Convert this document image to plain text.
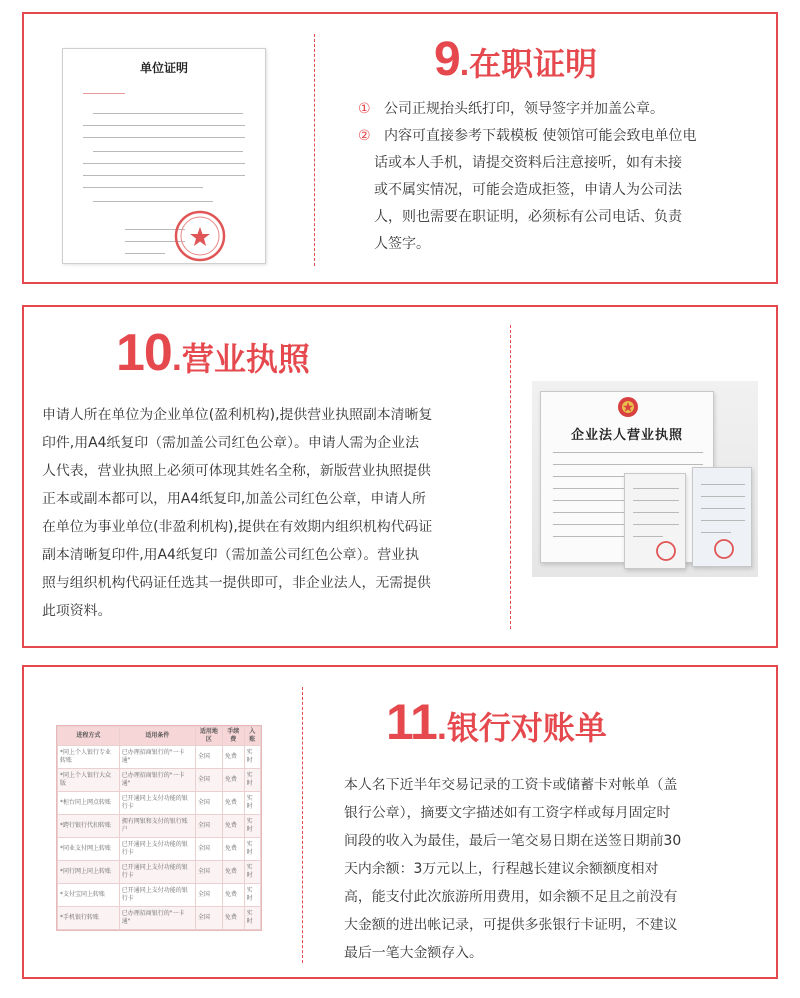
单位证明	9 . 在职证明
① 公司正规抬头纸打印，领导签字并加盖公章。
② 内容可直接参考下载模板 使领馆可能会致电单位电
话或本人手机，请提交资料后注意接听，如有未接
或不属实情况，可能会造成拒签，申请人为公司法
人，则也需要在职证明，必须标有公司电话、负责
人签字。
10 . 营业执照
申请人所在单位为企业单位(盈利机构),提供营业执照副本清晰复
印件,用A4纸复印（需加盖公司红色公章）。申请人需为企业法
人代表，营业执照上必须可体现其姓名全称，新版营业执照提供
正本或副本都可以，用A4纸复印,加盖公司红色公章，申请人所
在单位为事业单位(非盈利机构),提供在有效期内组织机构代码证
副本清晰复印件,用A4纸复印（需加盖公司红色公章）。营业执
照与组织机构代码证任选其一提供即可，非企业法人，无需提供
此项资料。
企业法人营业执照
进程方式	适用条件	适用地区	手续费	入账
*同上个人银行专业转账	已办理招商银行的"一卡通"	全国	免费	实时
*同上个人银行大众版	已办理招商银行的"一卡通"	全国	免费	实时
*柜台同上网点转账	已开通同上支付功能的银行卡	全国	免费	实时
*跨行银行代扣转账	拥有网银和支付的银行账户	全国	免费	实时
*同业支付网上转账	已开通同上支付功能的银行卡	全国	免费	实时
*同行网上同上转账	已开通同上支付功能的银行卡	全国	免费	实时
*支付宝同上转账	已开通同上支付功能的银行卡	全国	免费	实时
*手机银行转账	已办理招商银行的"一卡通"	全国	免费	实时
11 . 银行对账单
本人名下近半年交易记录的工资卡或储蓄卡对帐单（盖
银行公章），摘要文字描述如有工资字样或每月固定时
间段的收入为最佳，最后一笔交易日期在送签日期前30
天内余额：3万元以上，行程越长建议余额额度相对
高，能支付此次旅游所用费用，如余额不足且之前没有
大金额的进出帐记录，可提供多张银行卡证明，不建议
最后一笔大金额存入。
